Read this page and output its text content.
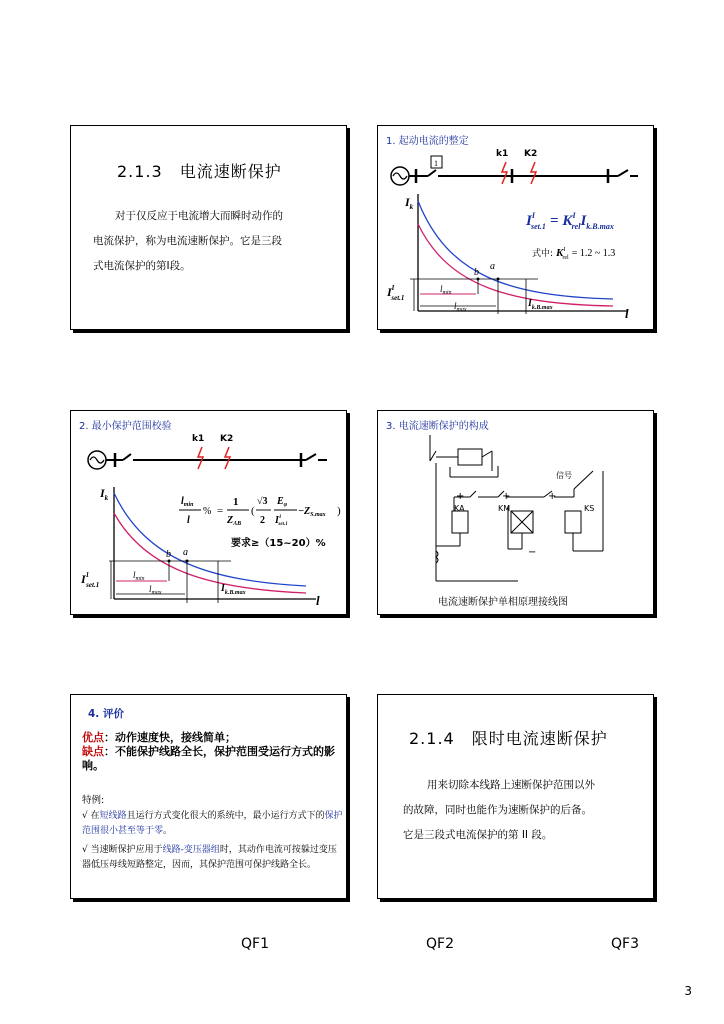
2.1.3　电流速断保护
对于仅反应于电流增大而瞬时动作的
电流保护，称为电流速断保护。它是三段
式电流保护的第Ⅰ段。
1. 起动电流的整定
1
k1 K2
$I_k$
l
b
a
$I^I$ $set.1 = K^I$ relI$_{k.B.max}$
式中: $K^I$ rel = 1.2 ~ 1.3
$I^I$ set.1
$l_{min}$
$l_{max}$
$I_{k.B.max}$
2. 最小保护范围校验
k1 K2
$I_k$
l
b a
$l_{min}$
l
% =
1
$Z_{AB}$
(
√3
2
$E_\varphi$
$I^1$ set.1
$-Z_{S.max}$ )
要求≥（15~20）%
$I^1$ set.1
$l_{min}$
$l_{max}$	$I_{k.B.max}$
3. 电流速断保护的构成
信号
+	+	+
−
KA	KM	KS
电流速断保护单相原理接线图
4. 评价
优点：动作速度快，接线简单；
缺点：不能保护线路全长，保护范围受运行方式的影响。
特例:
√ 在短线路且运行方式变化很大的系统中，最小运行方式下的保护范围很小甚至等于零。
√ 当速断保护应用于线路-变压器组时，其动作电流可按躲过变压器低压母线短路整定，因而，其保护范围可保护线路全长。
2.1.4　限时电流速断保护
用来切除本线路上速断保护范围以外
的故障，同时也能作为速断保护的后备。
它是三段式电流保护的第 II 段。
QF1	QF2	QF3
3
